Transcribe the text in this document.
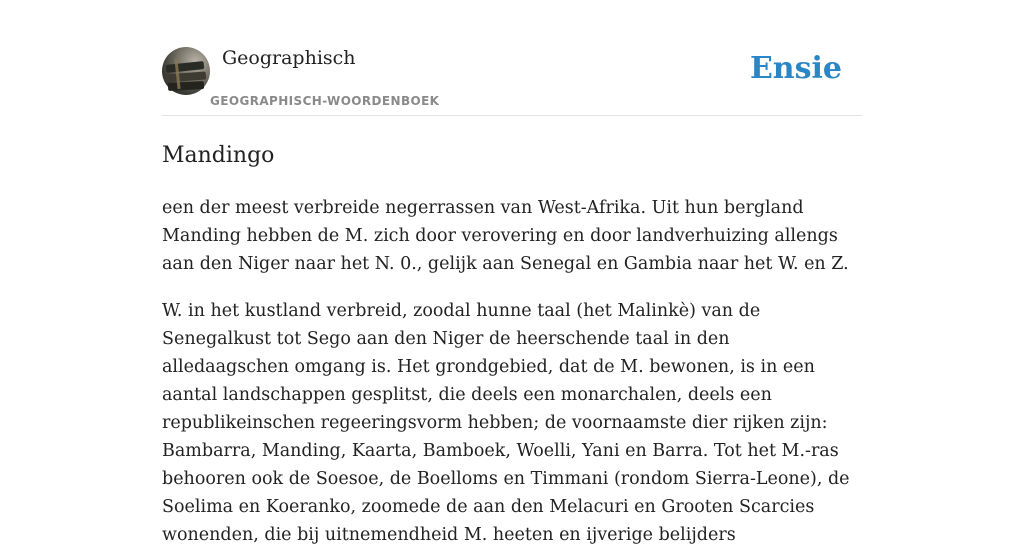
Geographisch
GEOGRAPHISCH-WOORDENBOEK
Ensie
Mandingo

een der meest verbreide negerrassen van West-Afrika. Uit hun bergland Manding hebben de M. zich door verovering en door landverhuizing allengs aan den Niger naar het N. 0., gelijk aan Senegal en Gambia naar het W. en Z.

W. in het kustland verbreid, zoodal hunne taal (het Malinkè) van de Senegalkust tot Sego aan den Niger de heerschende taal in den alledaagschen omgang is. Het grondgebied, dat de M. bewonen, is in een aantal landschappen gesplitst, die deels een monarchalen, deels een republikeinschen regeeringsvorm hebben; de voornaamste dier rijken zijn: Bambarra, Manding, Kaarta, Bamboek, Woelli, Yani en Barra. Tot het M.-ras behooren ook de Soesoe, de Boelloms en Timmani (rondom Sierra-Leone), de Soelima en Koeranko, zoomede de aan den Melacuri en Grooten Scarcies wonenden, die bij uitnemendheid M. heeten en ijverige belijders
